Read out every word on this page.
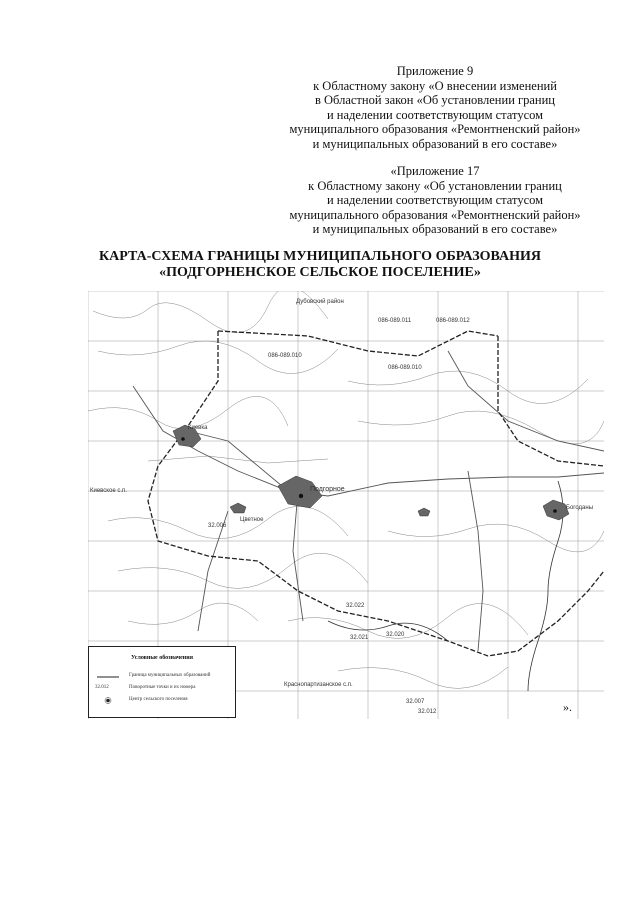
Приложение 9
к Областному закону «О внесении изменений
в Областной закон «Об установлении границ
и наделении соответствующим статусом
муниципального образования «Ремонтненский район»
и муниципальных образований в его составе»
«Приложение 17
к Областному закону «Об установлении границ
и наделении соответствующим статусом
муниципального образования «Ремонтненский район»
и муниципальных образований в его составе»
КАРТА-СХЕМА ГРАНИЦЫ МУНИЦИПАЛЬНОГО ОБРАЗОВАНИЯ
«ПОДГОРНЕНСКОЕ СЕЛЬСКОЕ ПОСЕЛЕНИЕ»
Дубовский район
086-089.011	086-089.012
086-089.010
086-089.010
Киевка
Подгорное
Цветное
Богоданы
Киевское с.п.
Краснопартизанское с.п.
32.006
32.022
32.021	32.020
32.007
32.012
Условные обозначения
Граница муниципальных образований
32.012	Поворотные точки и их номера
Центр сельского поселения
».
